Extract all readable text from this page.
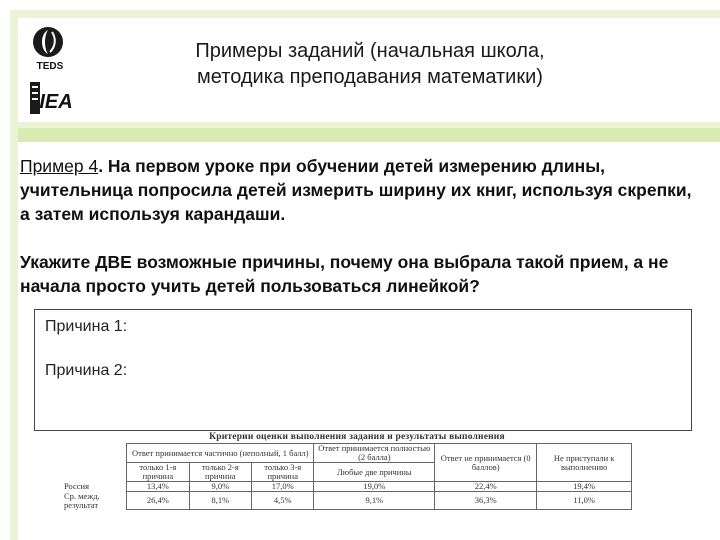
TEDS
IEA
Примеры заданий (начальная школа,
методика преподавания математики)
Пример 4. На первом уроке при обучении детей измерению длины, учительница попросила детей измерить ширину их книг, используя скрепки, а затем используя карандаши.
Укажите ДВЕ возможные причины, почему она выбрала такой прием, а не начала просто учить детей пользоваться линейкой?
Причина 1:
Причина 2:
Критерии оценки выполнения задания и результаты выполнения
	Ответ принимается частично (неполный, 1 балл)			Ответ принимается полностью (2 балла)	Ответ не принимается (0 баллов)	Не приступали к выполнению
	только 1-я причина	только 2-я причина	только 3-я причина	Любые две причины		
Россия	13,4%	9,0%	17,0%	19,0%	22,4%	19,4%
Ср. межд. результат	26,4%	8,1%	4,5%	9,1%	36,3%	11,0%
